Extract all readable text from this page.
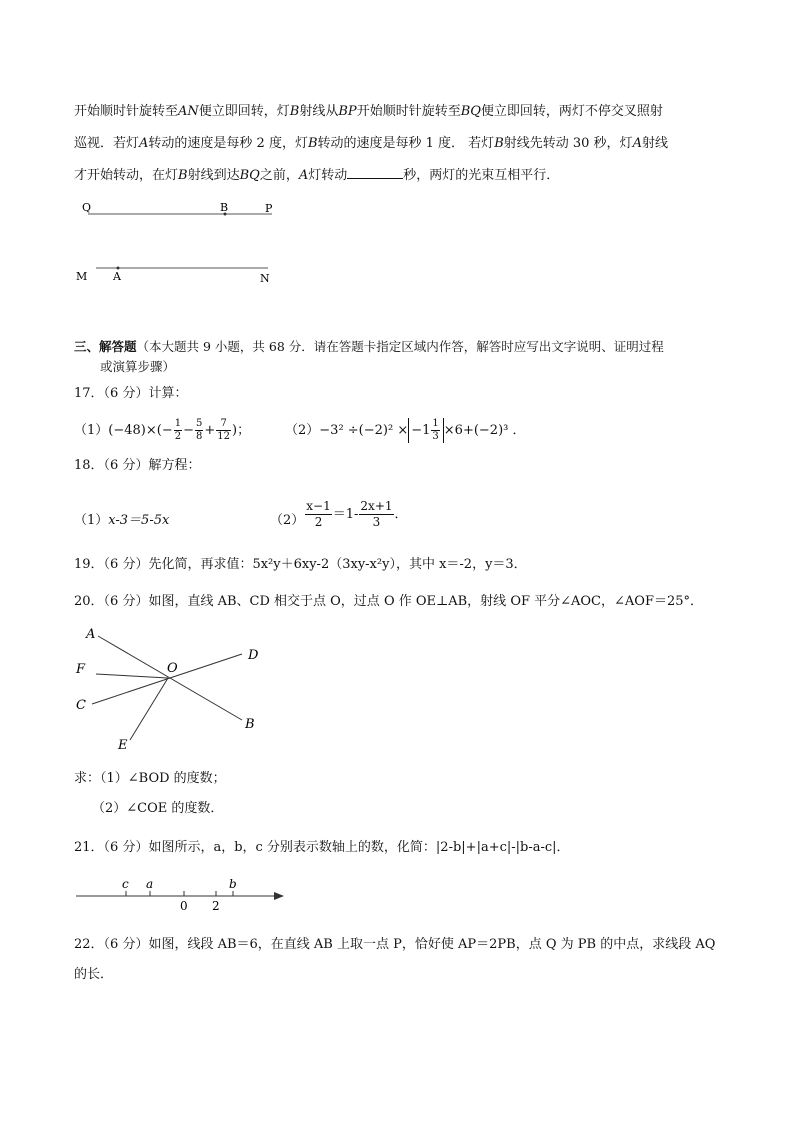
开始顺时针旋转至AN便立即回转，灯B射线从BP开始顺时针旋转至BQ便立即回转，两灯不停交叉照射
巡视．若灯A转动的速度是每秒 2 度，灯B转动的速度是每秒 1 度． 若灯B射线先转动 30 秒，灯A射线
才开始转动，在灯B射线到达BQ之前，A灯转动	秒，两灯的光束互相平行．
Q	B	P
M A	N
三、解答题（本大题共 9 小题，共 68 分．请在答题卡指定区域内作答，解答时应写出文字说明、证明过程
或演算步骤）
17．（6 分）计算：
$(1)(-48)\times(- \frac{1}{2} - \frac{5}{8} + \frac{7}{12}$ )；	$(2)-3^2 \div(-2)^2 \times -1 \frac{1}{3} \times 6+(-2)^3$ ．
18．（6 分）解方程：
（1）x-3＝5-5x	$(2) \frac{x-1}{2} =1- \frac{2x+1}{3}$ ．
19．（6 分）先化简，再求值：5x²y＋6xy-2（3xy-x²y），其中 x＝-2，y＝3．
20．（6 分）如图，直线 AB、CD 相交于点 O，过点 O 作 OE⊥AB，射线 OF 平分∠AOC，∠AOF＝25°．
A
F	O
D
C
B
E
求：（1）∠BOD 的度数；
（2）∠COE 的度数．
21．（6 分）如图所示，a，b，c 分别表示数轴上的数，化简：|2-b|+|a+c|-|b-a-c|．
c a	b
0 2
22．（6 分）如图，线段 AB＝6，在直线 AB 上取一点 P，恰好使 AP＝2PB，点 Q 为 PB 的中点，求线段 AQ
的长．
